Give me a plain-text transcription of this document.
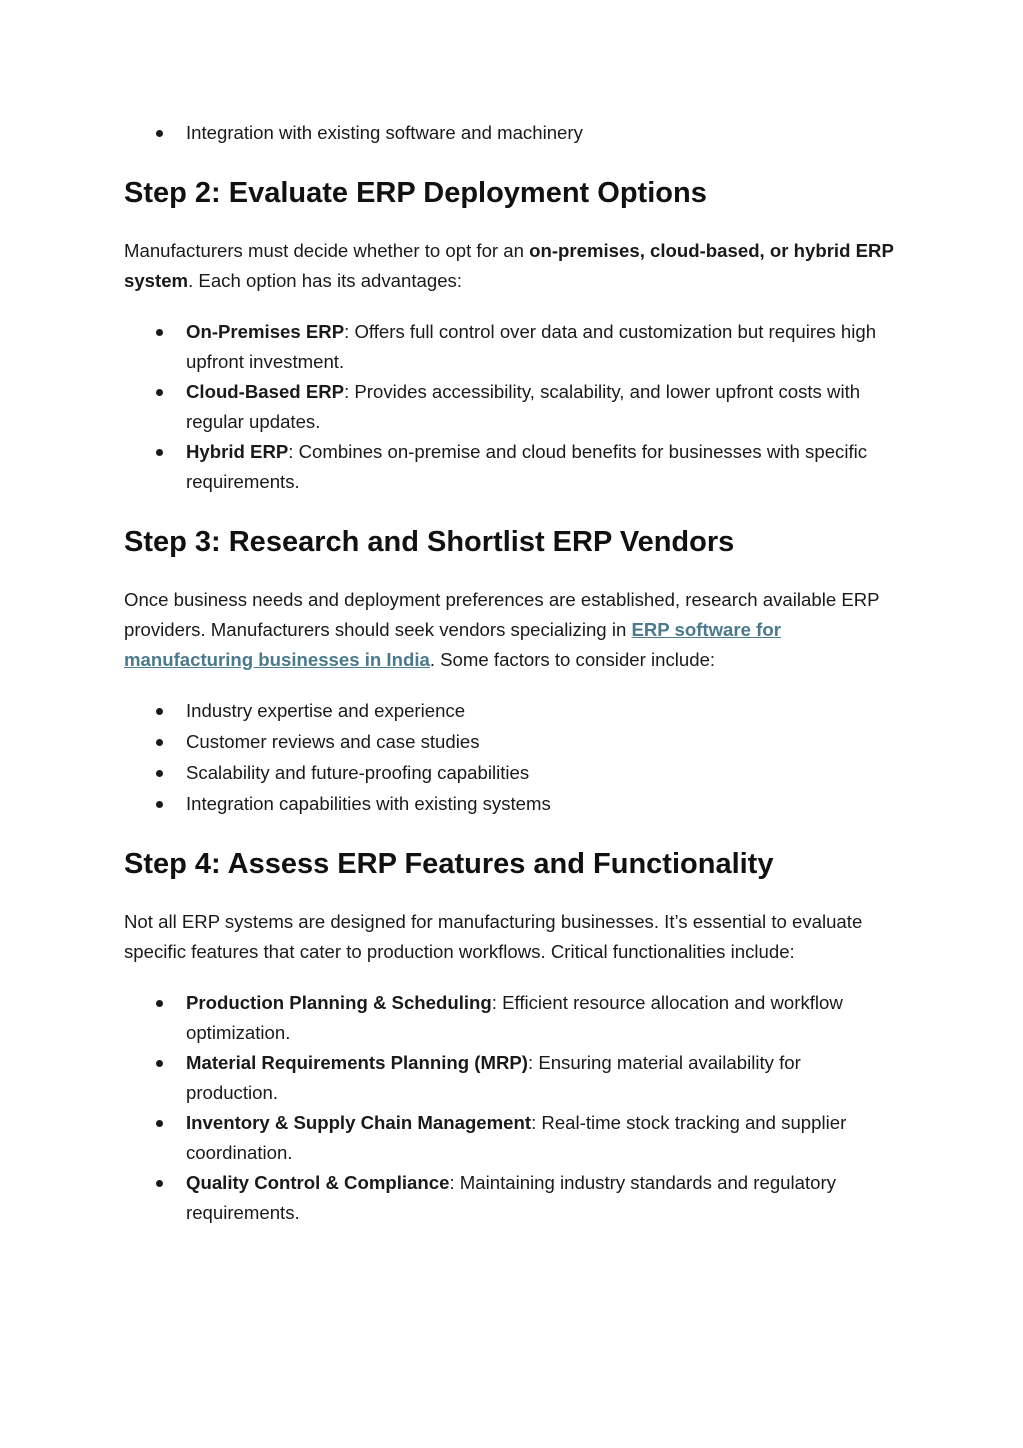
Integration with existing software and machinery
Step 2: Evaluate ERP Deployment Options

Manufacturers must decide whether to opt for an on-premises, cloud-based, or hybrid ERP system. Each option has its advantages:

On-Premises ERP: Offers full control over data and customization but requires high upfront investment.
Cloud-Based ERP: Provides accessibility, scalability, and lower upfront costs with regular updates.
Hybrid ERP: Combines on-premise and cloud benefits for businesses with specific requirements.
Step 3: Research and Shortlist ERP Vendors

Once business needs and deployment preferences are established, research available ERP providers. Manufacturers should seek vendors specializing in ERP software for manufacturing businesses in India. Some factors to consider include:

Industry expertise and experience
Customer reviews and case studies
Scalability and future-proofing capabilities
Integration capabilities with existing systems
Step 4: Assess ERP Features and Functionality

Not all ERP systems are designed for manufacturing businesses. It’s essential to evaluate specific features that cater to production workflows. Critical functionalities include:

Production Planning & Scheduling: Efficient resource allocation and workflow optimization.
Material Requirements Planning (MRP): Ensuring material availability for production.
Inventory & Supply Chain Management: Real-time stock tracking and supplier coordination.
Quality Control & Compliance: Maintaining industry standards and regulatory requirements.
